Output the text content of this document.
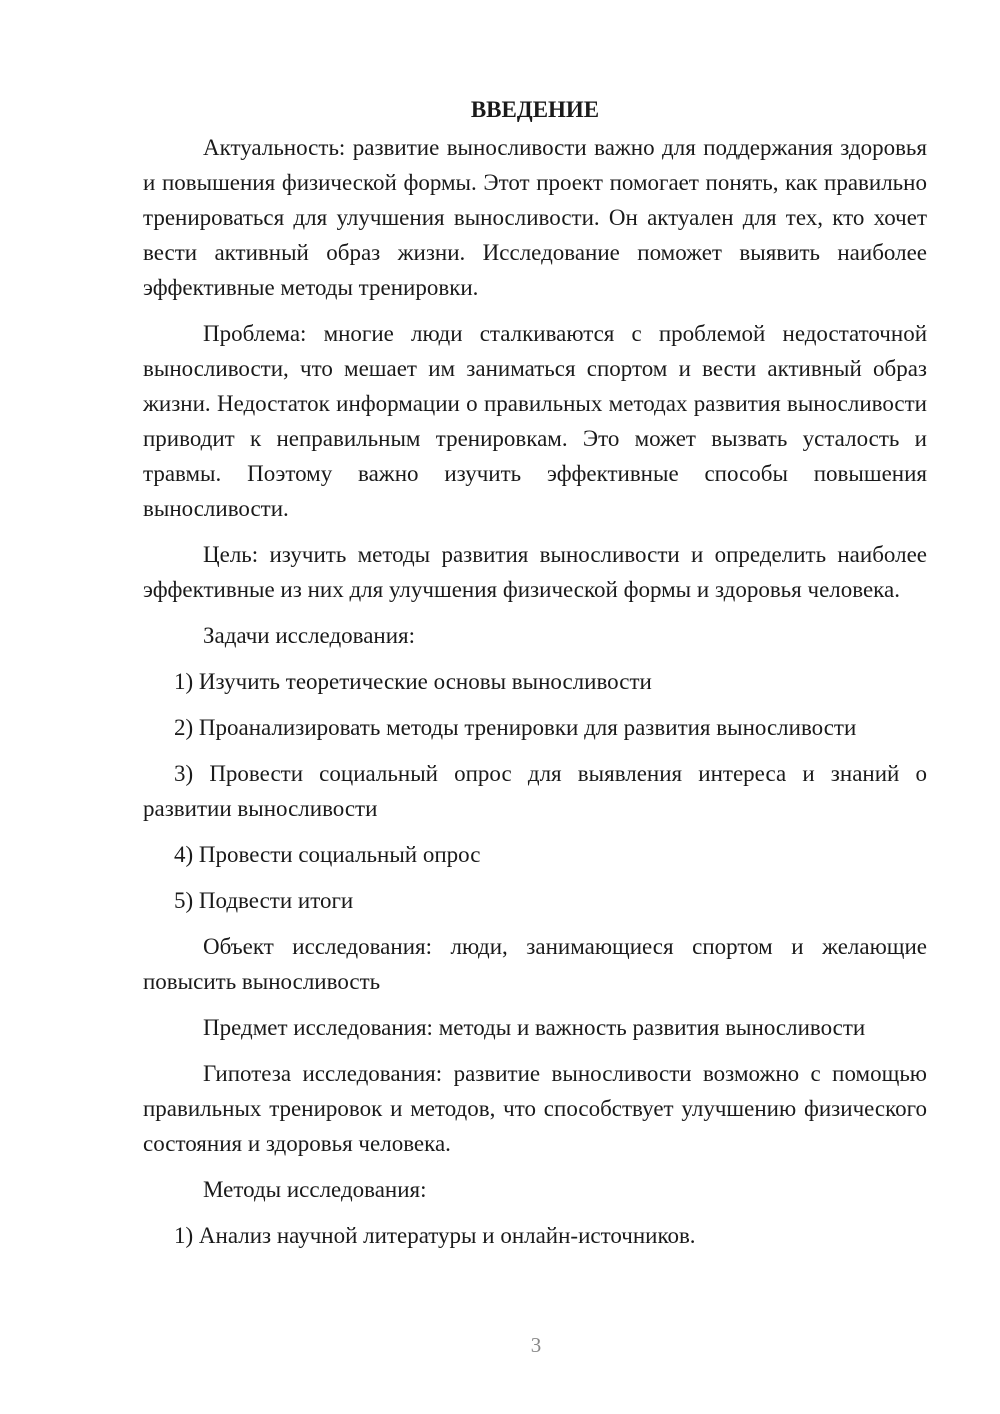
ВВЕДЕНИЕ
Актуальность: развитие выносливости важно для поддержания здоровья и повышения физической формы. Этот проект помогает понять, как правильно тренироваться для улучшения выносливости. Он актуален для тех, кто хочет вести активный образ жизни. Исследование поможет выявить наиболее эффективные методы тренировки.
Проблема: многие люди сталкиваются с проблемой недостаточной выносливости, что мешает им заниматься спортом и вести активный образ жизни. Недостаток информации о правильных методах развития выносливости приводит к неправильным тренировкам. Это может вызвать усталость и травмы. Поэтому важно изучить эффективные способы повышения выносливости.
Цель: изучить методы развития выносливости и определить наиболее эффективные из них для улучшения физической формы и здоровья человека.
Задачи исследования:
1) Изучить теоретические основы выносливости
2) Проанализировать методы тренировки для развития выносливости
3) Провести социальный опрос для выявления интереса и знаний о развитии выносливости
4) Провести социальный опрос
5) Подвести итоги
Объект исследования: люди, занимающиеся спортом и желающие повысить выносливость
Предмет исследования: методы и важность развития выносливости
Гипотеза исследования: развитие выносливости возможно с помощью правильных тренировок и методов, что способствует улучшению физического состояния и здоровья человека.
Методы исследования:
1) Анализ научной литературы и онлайн-источников.
3
